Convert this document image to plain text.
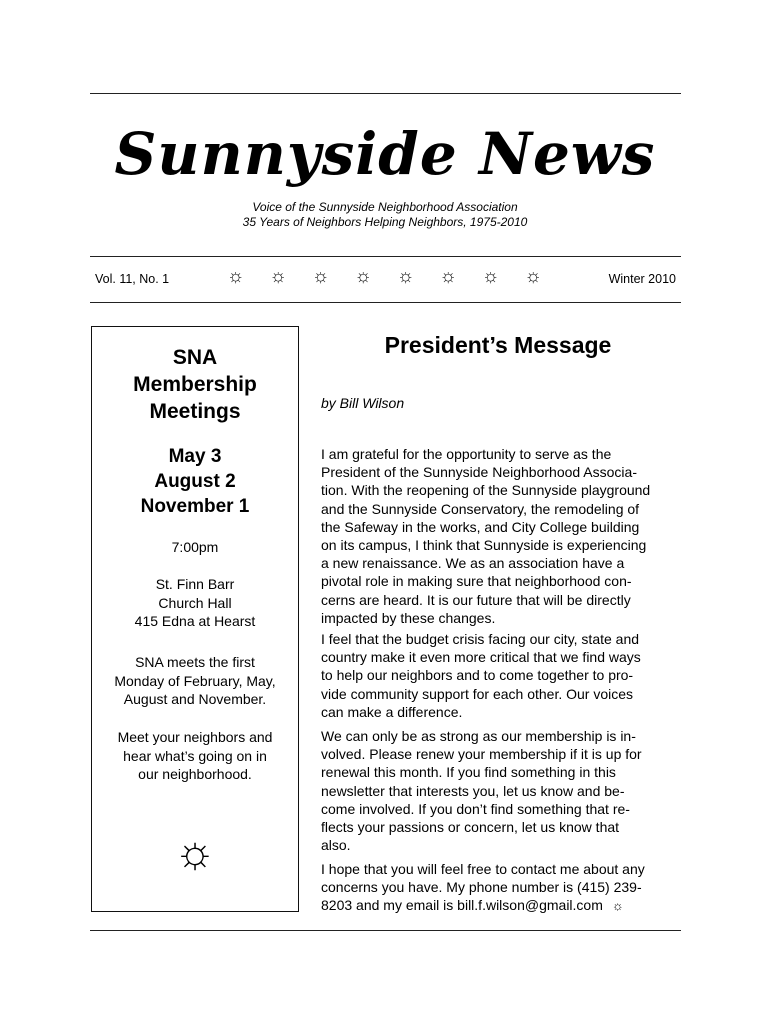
Sunnyside News
Voice of the Sunnyside Neighborhood Association
35 Years of Neighbors Helping Neighbors, 1975-2010
Vol. 11, No. 1	☼ ☼ ☼ ☼ ☼ ☼ ☼ ☼	Winter 2010
SNA
Membership
Meetings
May 3
August 2
November 1
7:00pm
St. Finn Barr
Church Hall
415 Edna at Hearst
SNA meets the first
Monday of February, May,
August and November.
Meet your neighbors and
hear what’s going on in
our neighborhood.
☼
President’s Message
by Bill Wilson
I am grateful for the opportunity to serve as the
President of the Sunnyside Neighborhood Associa-
tion. With the reopening of the Sunnyside playground
and the Sunnyside Conservatory, the remodeling of
the Safeway in the works, and City College building
on its campus, I think that Sunnyside is experiencing
a new renaissance. We as an association have a
pivotal role in making sure that neighborhood con-
cerns are heard. It is our future that will be directly
impacted by these changes.
I feel that the budget crisis facing our city, state and
country make it even more critical that we find ways
to help our neighbors and to come together to pro-
vide community support for each other. Our voices
can make a difference.
We can only be as strong as our membership is in-
volved. Please renew your membership if it is up for
renewal this month. If you find something in this
newsletter that interests you, let us know and be-
come involved. If you don’t find something that re-
flects your passions or concern, let us know that
also.
I hope that you will feel free to contact me about any
concerns you have. My phone number is (415) 239-
8203 and my email is bill.f.wilson@gmail.com ☼
